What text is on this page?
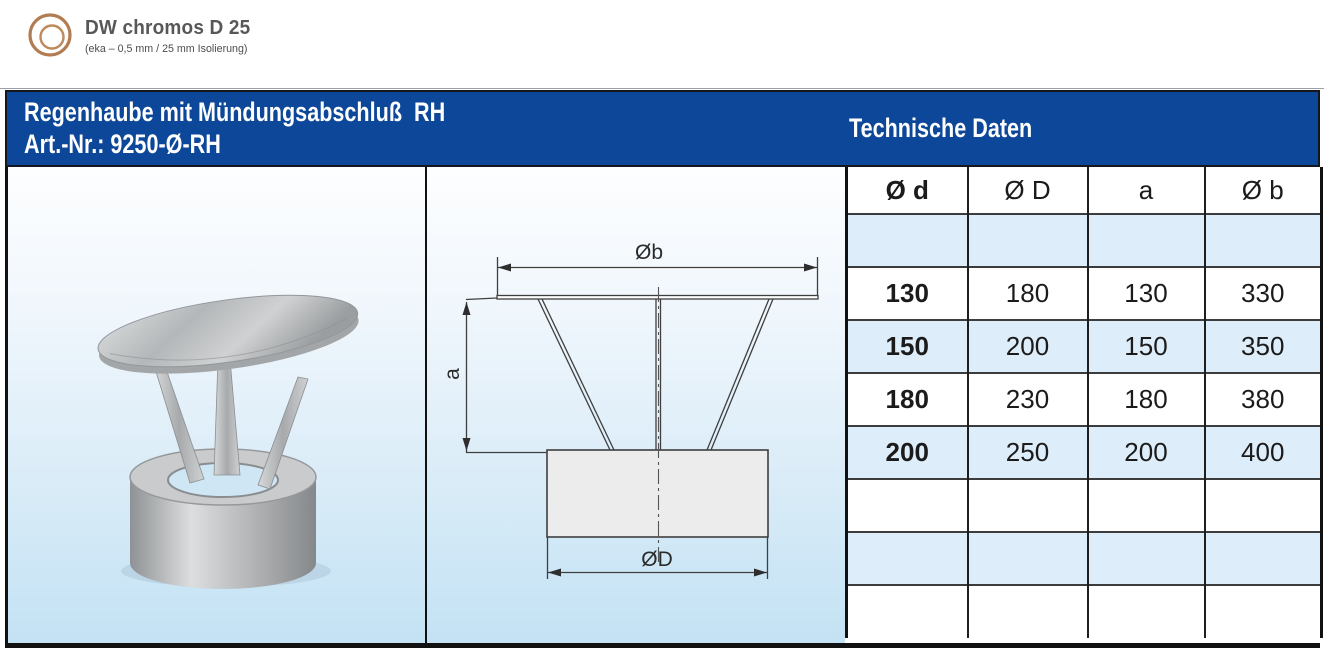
DW chromos D 25
(eka – 0,5 mm / 25 mm Isolierung)
Regenhaube mit Mündungsabschluß  RH
Art.-Nr.: 9250-Ø-RH
Technische Daten
Øb
a
ØD
Ø d	Ø D	a	Ø b

130	180	130	330
150	200	150	350
180	230	180	380
200	250	200	400
